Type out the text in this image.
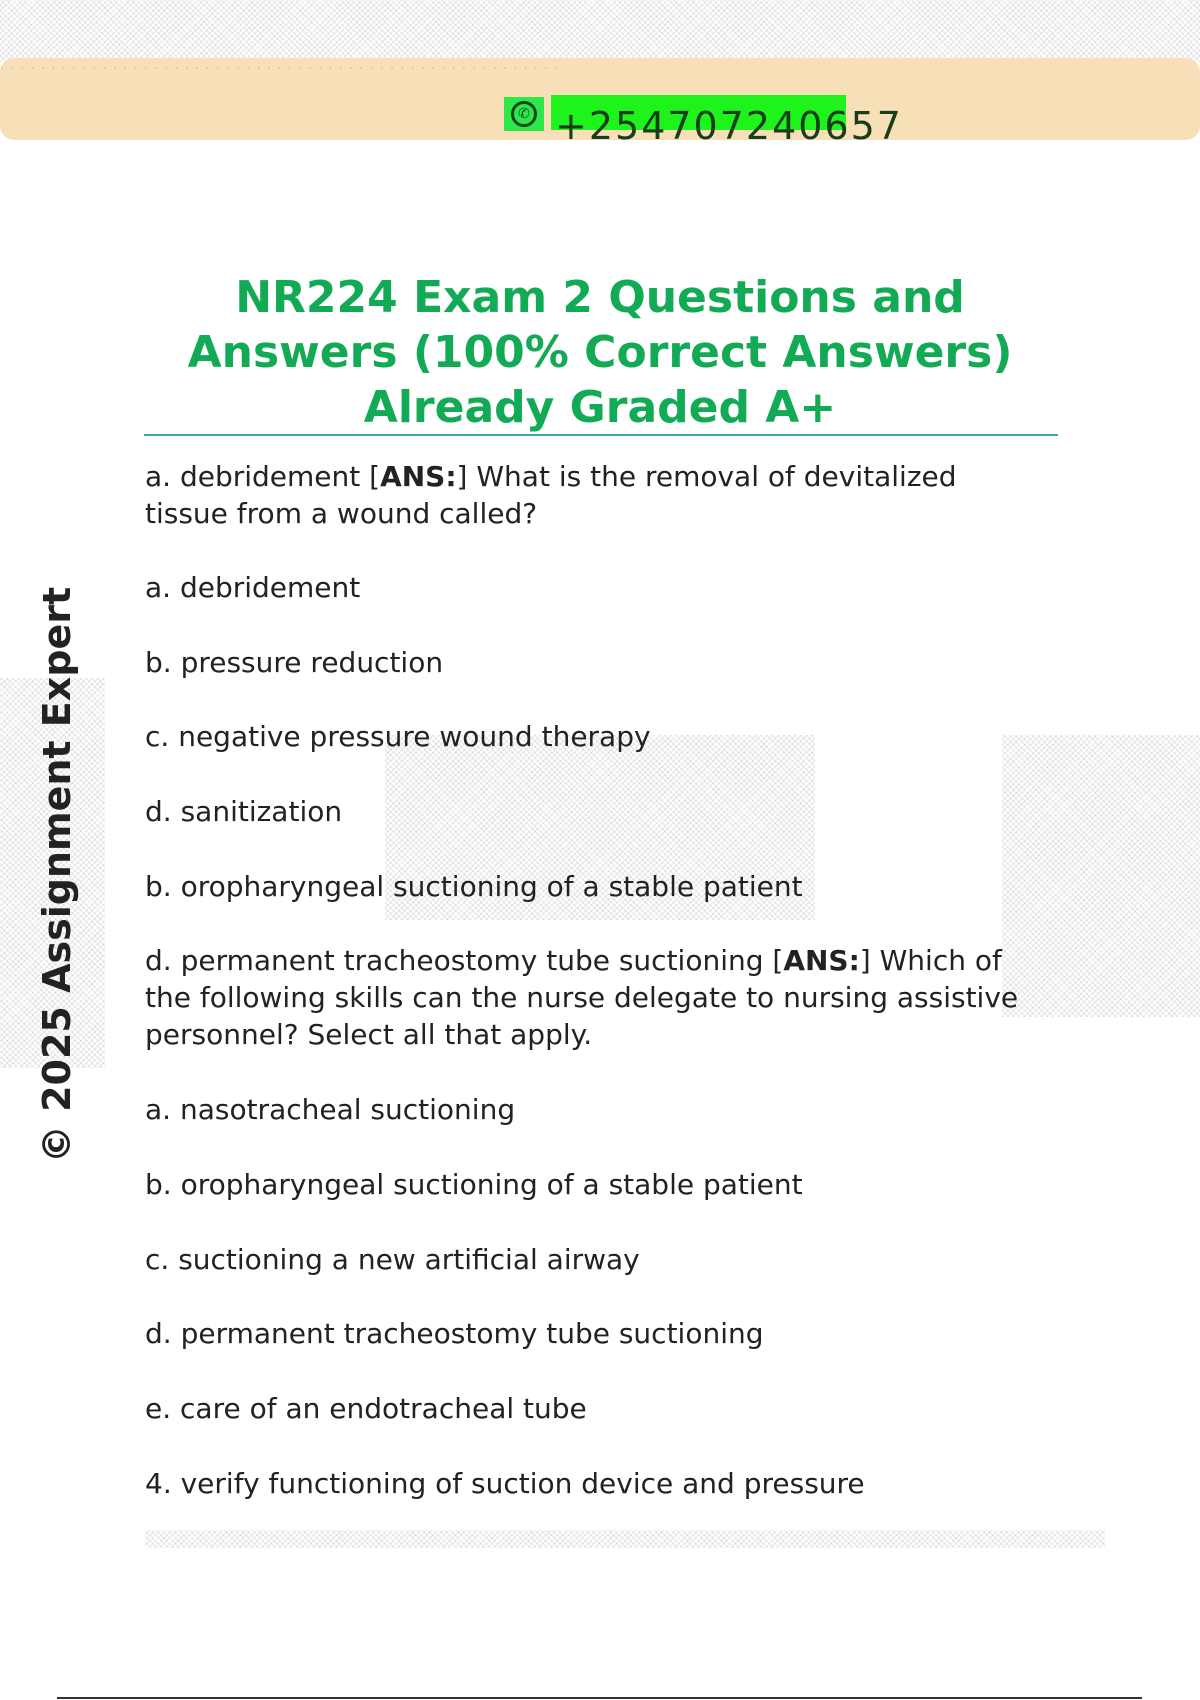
· · · · · · · · · · · · · · · · · · · · · · · · · · · · · · · · · · · · · · · · · · · · · · · · · · · · · · ·
✆ +254707240657
NR224 Exam 2 Questions and Answers (100% Correct Answers) Already Graded A+

© 2025 Assignment Expert

a. debridement [ANS:] What is the removal of devitalized tissue from a wound called?

a. debridement

b. pressure reduction

c. negative pressure wound therapy

d. sanitization

b. oropharyngeal suctioning of a stable patient

d. permanent tracheostomy tube suctioning [ANS:] Which of the following skills can the nurse delegate to nursing assistive personnel? Select all that apply.

a. nasotracheal suctioning

b. oropharyngeal suctioning of a stable patient

c. suctioning a new artificial airway

d. permanent tracheostomy tube suctioning

e. care of an endotracheal tube

4. verify functioning of suction device and pressure
